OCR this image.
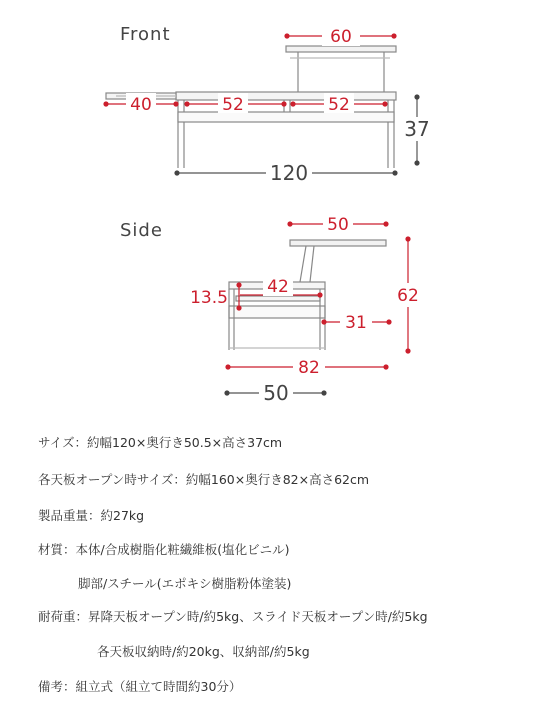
Front
Side
60
40	52	52
37
120
50
13.5
42
31
62
82
50
サイズ：約幅120×奥行き50.5×高さ37cm
各天板オープン時サイズ：約幅160×奥行き82×高さ62cm
製品重量：約27kg
材質：本体/合成樹脂化粧繊維板(塩化ビニル)
脚部/スチール(エポキシ樹脂粉体塗装)
耐荷重：昇降天板オープン時/約5kg、スライド天板オープン時/約5kg
各天板収納時/約20kg、収納部/約5kg
備考：組立式（組立て時間約30分）
